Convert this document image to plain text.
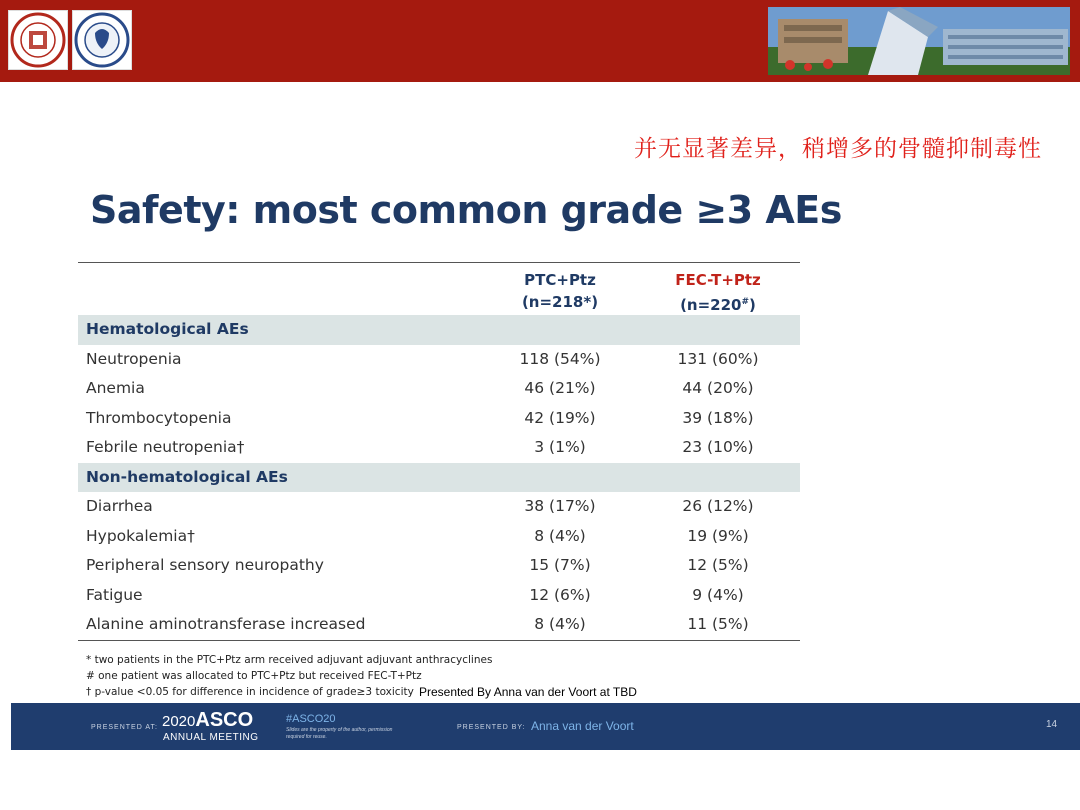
并无显著差异，稍增多的骨髓抑制毒性
Safety: most common grade ≥3 AEs
PTC+Ptz (n=218*)

FEC-T+Ptz (n=220#)

Hematological AEs
Neutropenia	118 (54%)	131 (60%)
Anemia	46 (21%)	44 (20%)
Thrombocytopenia	42 (19%)	39 (18%)
Febrile neutropenia†	3 (1%)	23 (10%)
Non-hematological AEs
Diarrhea	38 (17%)	26 (12%)
Hypokalemia†	8 (4%)	19 (9%)
Peripheral sensory neuropathy	15 (7%)	12 (5%)
Fatigue	12 (6%)	9 (4%)
Alanine aminotransferase increased	8 (4%)	11 (5%)
* two patients in the PTC+Ptz arm received adjuvant adjuvant anthracyclines
# one patient was allocated to PTC+Ptz but received FEC-T+Ptz
† p-value <0.05 for difference in incidence of grade≥3 toxicity Presented By Anna van der Voort at TBD
PRESENTED AT: 2020ASCO
ANNUAL MEETING
#ASCO20
Slides are the property of the author, permission required for reuse.
PRESENTED BY: Anna van der Voort	14
